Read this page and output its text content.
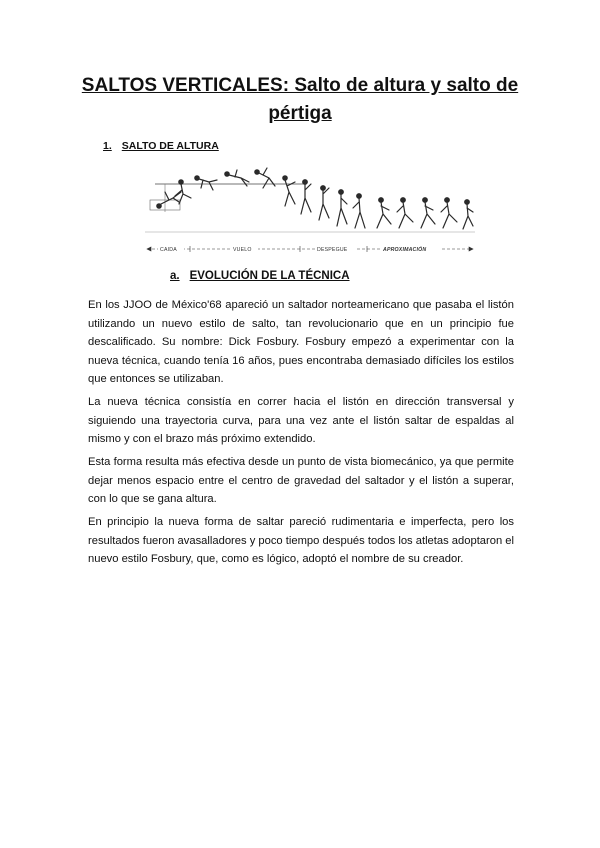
SALTOS VERTICALES: Salto de altura y salto de pértiga
1. SALTO DE ALTURA
CAIDA	VUELO	DESPEGUE	APROXIMACIÓN
a. EVOLUCIÓN DE LA TÉCNICA

En los JJOO de México'68 apareció un saltador norteamericano que pasaba el listón utilizando un nuevo estilo de salto, tan revolucionario que en un principio fue descalificado. Su nombre: Dick Fosbury. Fosbury empezó a experimentar con la nueva técnica, cuando tenía 16 años, pues encontraba demasiado difíciles los estilos que entonces se utilizaban.

La nueva técnica consistía en correr hacia el listón en dirección transversal y siguiendo una trayectoria curva, para una vez ante el listón saltar de espaldas al mismo y con el brazo más próximo extendido.

Esta forma resulta más efectiva desde un punto de vista biomecánico, ya que permite dejar menos espacio entre el centro de gravedad del saltador y el listón a superar, con lo que se gana altura.

En principio la nueva forma de saltar pareció rudimentaria e imperfecta, pero los resultados fueron avasalladores y poco tiempo después todos los atletas adoptaron el nuevo estilo Fosbury, que, como es lógico, adoptó el nombre de su creador.
